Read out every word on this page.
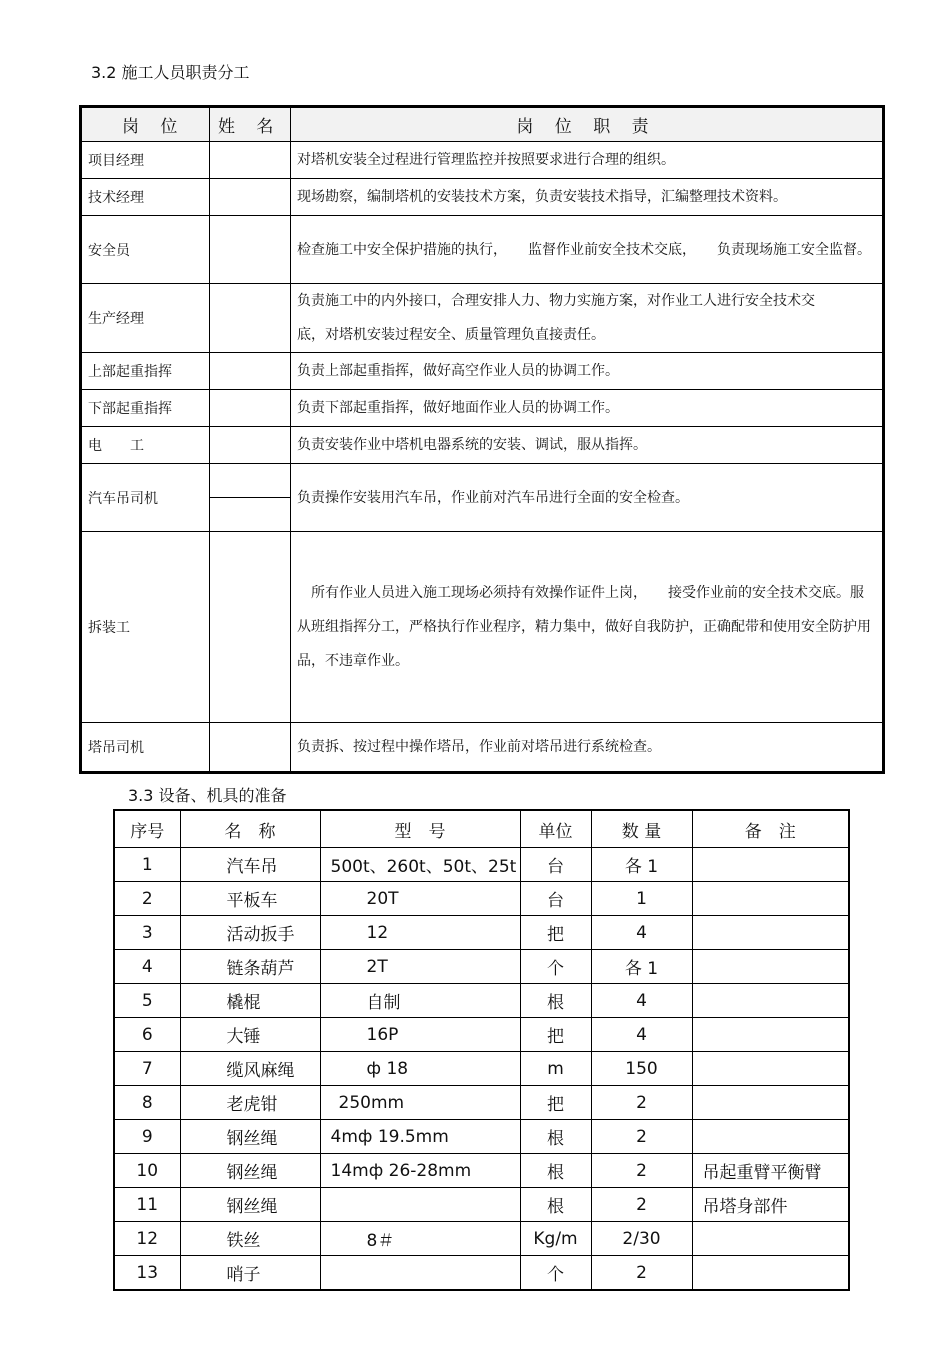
3.2 施工人员职责分工
岗 位	姓 名	岗 位 职 责
项目经理		对塔机安装全过程进行管理监控并按照要求进行合理的组织。
技术经理		现场勘察，编制塔机的安装技术方案，负责安装技术指导，汇编整理技术资料。
安全员		检查施工中安全保护措施的执行，　　监督作业前安全技术交底，　　负责现场施工安全监督。
生产经理		负责施工中的内外接口，合理安排人力、物力实施方案，对作业工人进行安全技术交底，对塔机安装过程安全、质量管理负直接责任。
上部起重指挥		负责上部起重指挥，做好高空作业人员的协调工作。
下部起重指挥		负责下部起重指挥，做好地面作业人员的协调工作。
电　　工		负责安装作业中塔机电器系统的安装、调试，服从指挥。
汽车吊司机		负责操作安装用汽车吊，作业前对汽车吊进行全面的安全检查。
拆装工		　所有作业人员进入施工现场必须持有效操作证件上岗，　　接受作业前的安全技术交底。服从班组指挥分工，严格执行作业程序，精力集中，做好自我防护，正确配带和使用安全防护用品，不违章作业。
塔吊司机		负责拆、按过程中操作塔吊，作业前对塔吊进行系统检查。
3.3 设备、机具的准备
序号	名　称	型　号	单位	数 量	备　注
1	汽车吊	500t、260t、50t、25t	台	各 1	
2	平板车	20T	台	1	
3	活动扳手	12	把	4	
4	链条葫芦	2T	个	各 1	
5	橇棍	自制	根	4	
6	大锤	16P	把	4	
7	缆风麻绳	ф 18	m	150	
8	老虎钳	250mm	把	2	
9	钢丝绳	4mф 19.5mm	根	2	
10	钢丝绳	14mф 26-28mm	根	2	吊起重臂平衡臂
11	钢丝绳		根	2	吊塔身部件
12	铁丝	8＃	Kg/m	2/30	
13	哨子		个	2	
